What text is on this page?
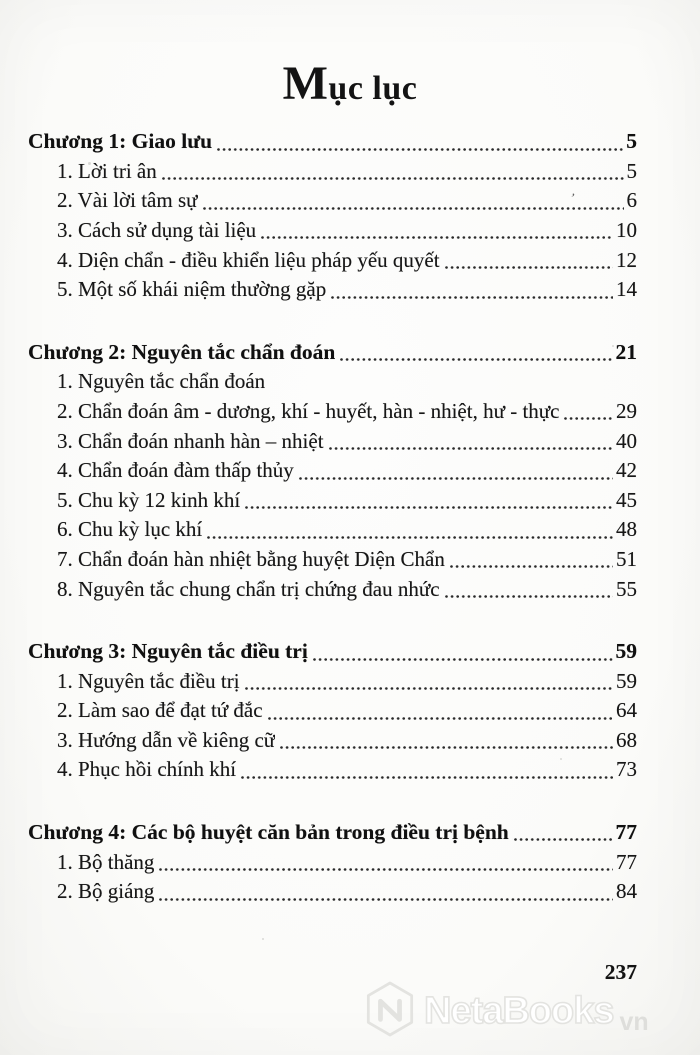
Mục lục
Chương 1: Giao lưu	5
1. Lời tri ân	5
2. Vài lời tâm sự	6
3. Cách sử dụng tài liệu	10
4. Diện chẩn - điều khiển liệu pháp yếu quyết	12
5. Một số khái niệm thường gặp	14
Chương 2: Nguyên tắc chẩn đoán	21
1. Nguyên tắc chẩn đoán
2. Chẩn đoán âm - dương, khí - huyết, hàn - nhiệt, hư - thực	29
3. Chẩn đoán nhanh hàn – nhiệt	40
4. Chẩn đoán đàm thấp thủy	42
5. Chu kỳ 12 kinh khí	45
6. Chu kỳ lục khí	48
7. Chẩn đoán hàn nhiệt bằng huyệt Diện Chẩn	51
8. Nguyên tắc chung chẩn trị chứng đau nhức	55
Chương 3: Nguyên tắc điều trị	59
1. Nguyên tắc điều trị	59
2. Làm sao để đạt tứ đắc	64
3. Hướng dẫn về kiêng cữ	68
4. Phục hồi chính khí	73
Chương 4: Các bộ huyệt căn bản trong điều trị bệnh	77
1. Bộ thăng	77
2. Bộ giáng	84
237
NetaBooks vn
’
